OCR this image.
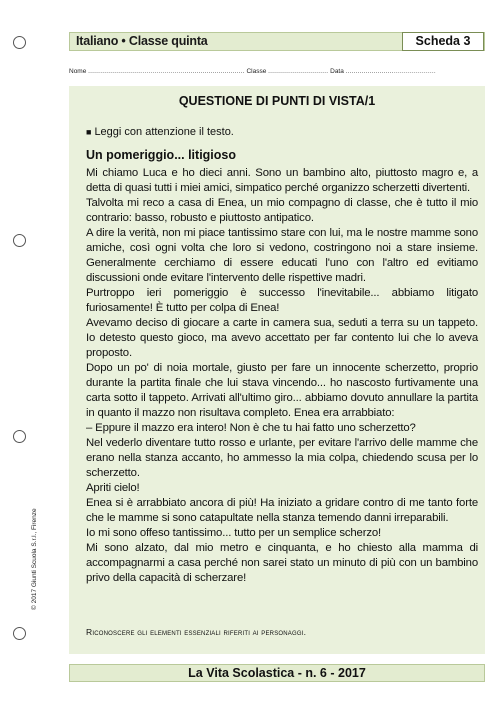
Italiano • Classe quinta	Scheda 3
Nome .............................................................................. Classe .............................. Data .............................................
QUESTIONE DI PUNTI DI VISTA/1
■ Leggi con attenzione il testo.
Un pomeriggio... litigioso

Mi chiamo Luca e ho dieci anni. Sono un bambino alto, piuttosto magro e, a detta di quasi tutti i miei amici, simpatico perché organizzo scherzetti divertenti.

Talvolta mi reco a casa di Enea, un mio compagno di classe, che è tutto il mio contrario: basso, robusto e piuttosto antipatico.

A dire la verità, non mi piace tantissimo stare con lui, ma le nostre mamme sono amiche, così ogni volta che loro si vedono, costringono noi a stare insieme. Generalmente cerchiamo di essere educati l'uno con l'altro ed evitiamo discussioni onde evitare l'intervento delle rispettive madri.

Purtroppo ieri pomeriggio è successo l'inevitabile... abbiamo litigato furiosamente! È tutto per colpa di Enea!

Avevamo deciso di giocare a carte in camera sua, seduti a terra su un tappeto. Io detesto questo gioco, ma avevo accettato per far contento lui che lo aveva proposto.

Dopo un po' di noia mortale, giusto per fare un innocente scherzetto, proprio durante la partita finale che lui stava vincendo... ho nascosto furtivamente una carta sotto il tappeto. Arrivati all'ultimo giro... abbiamo dovuto annullare la partita in quanto il mazzo non risultava completo. Enea era arrabbiato:

– Eppure il mazzo era intero! Non è che tu hai fatto uno scherzetto?

Nel vederlo diventare tutto rosso e urlante, per evitare l'arrivo delle mamme che erano nella stanza accanto, ho ammesso la mia colpa, chiedendo scusa per lo scherzetto.

Apriti cielo!

Enea si è arrabbiato ancora di più! Ha iniziato a gridare contro di me tanto forte che le mamme si sono catapultate nella stanza temendo danni irreparabili.

Io mi sono offeso tantissimo... tutto per un semplice scherzo!

Mi sono alzato, dal mio metro e cinquanta, e ho chiesto alla mamma di accompagnarmi a casa perché non sarei stato un minuto di più con un bambino privo della capacità di scherzare!

Riconoscere gli elementi essenziali riferiti ai personaggi.
La Vita Scolastica - n. 6 - 2017
© 2017 Giunti Scuola S.r.l., Firenze
